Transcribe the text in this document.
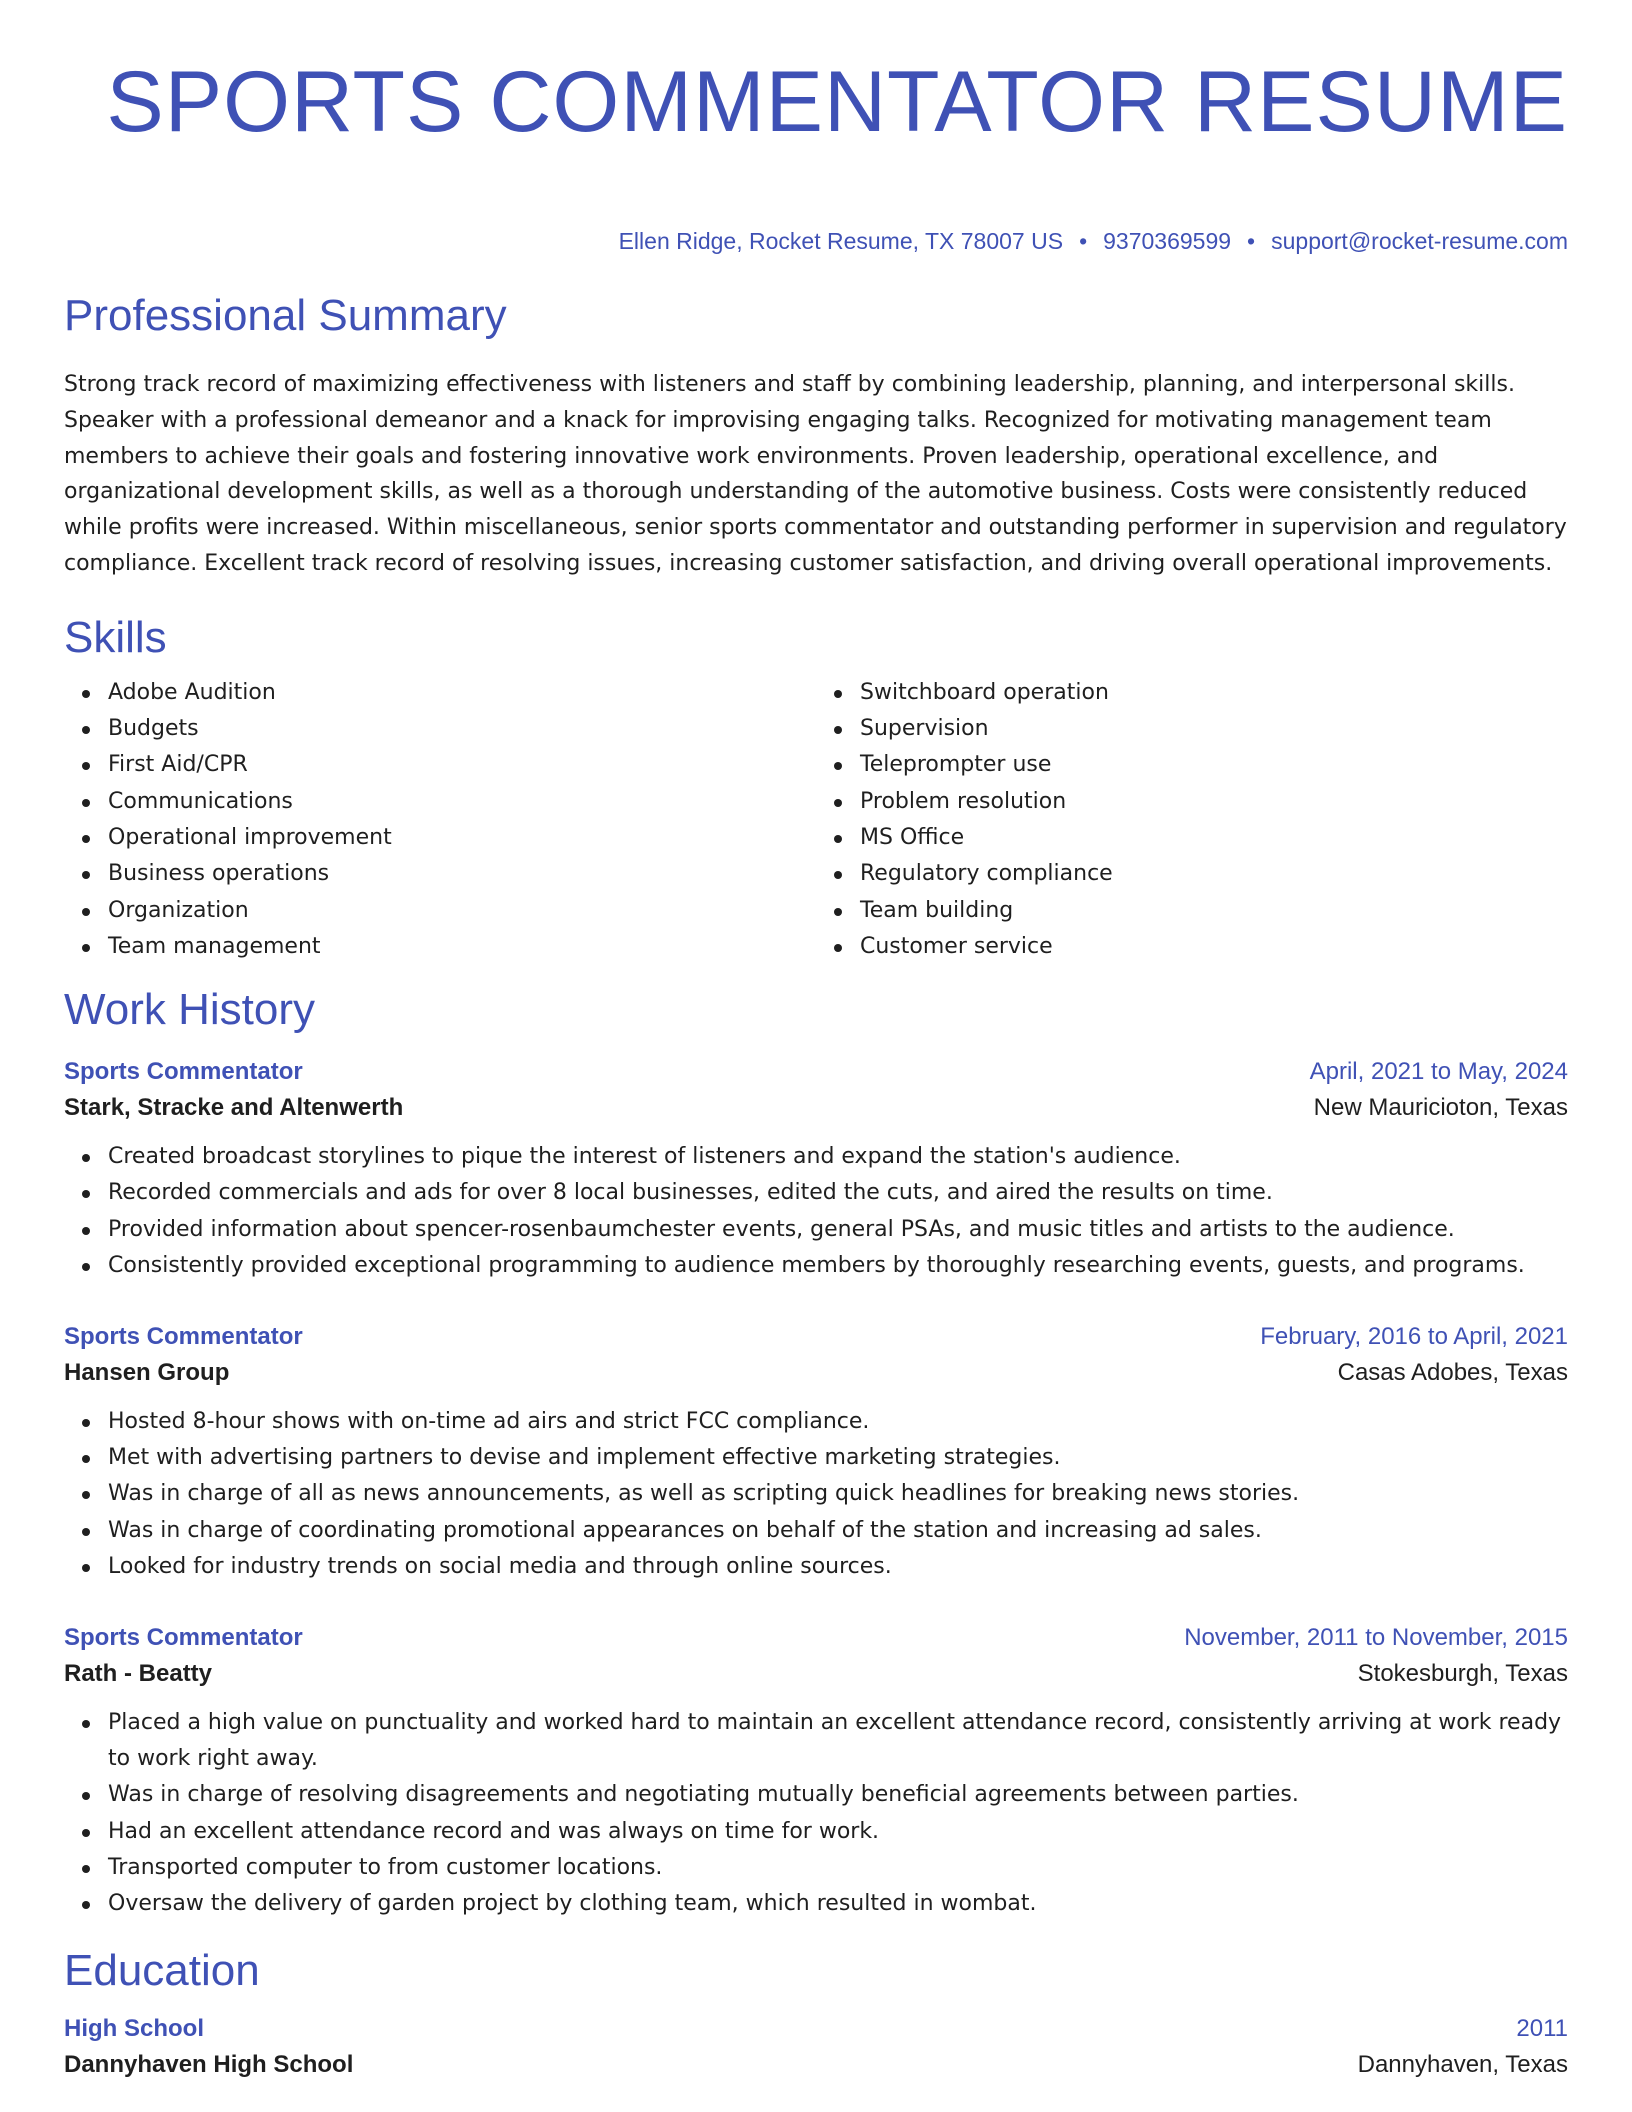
SPORTS COMMENTATOR RESUME
Ellen Ridge, Rocket Resume, TX 78007 US • 9370369599 • support@rocket-resume.com
Professional Summary
Strong track record of maximizing effectiveness with listeners and staff by combining leadership, planning, and interpersonal skills. Speaker with a professional demeanor and a knack for improvising engaging talks. Recognized for motivating management team members to achieve their goals and fostering innovative work environments. Proven leadership, operational excellence, and organizational development skills, as well as a thorough understanding of the automotive business. Costs were consistently reduced while profits were increased. Within miscellaneous, senior sports commentator and outstanding performer in supervision and regulatory compliance. Excellent track record of resolving issues, increasing customer satisfaction, and driving overall operational improvements.
Skills
Adobe Audition
Budgets
First Aid/CPR
Communications
Operational improvement
Business operations
Organization
Team management
Switchboard operation
Supervision
Teleprompter use
Problem resolution
MS Office
Regulatory compliance
Team building
Customer service
Work History
Sports Commentator	April, 2021 to May, 2024
Stark, Stracke and Altenwerth	New Mauricioton, Texas
Created broadcast storylines to pique the interest of listeners and expand the station's audience.
Recorded commercials and ads for over 8 local businesses, edited the cuts, and aired the results on time.
Provided information about spencer-rosenbaumchester events, general PSAs, and music titles and artists to the audience.
Consistently provided exceptional programming to audience members by thoroughly researching events, guests, and programs.
Sports Commentator	February, 2016 to April, 2021
Hansen Group	Casas Adobes, Texas
Hosted 8-hour shows with on-time ad airs and strict FCC compliance.
Met with advertising partners to devise and implement effective marketing strategies.
Was in charge of all as news announcements, as well as scripting quick headlines for breaking news stories.
Was in charge of coordinating promotional appearances on behalf of the station and increasing ad sales.
Looked for industry trends on social media and through online sources.
Sports Commentator	November, 2011 to November, 2015
Rath - Beatty	Stokesburgh, Texas
Placed a high value on punctuality and worked hard to maintain an excellent attendance record, consistently arriving at work ready to work right away.
Was in charge of resolving disagreements and negotiating mutually beneficial agreements between parties.
Had an excellent attendance record and was always on time for work.
Transported computer to from customer locations.
Oversaw the delivery of garden project by clothing team, which resulted in wombat.
Education
High School	2011
Dannyhaven High School	Dannyhaven, Texas
